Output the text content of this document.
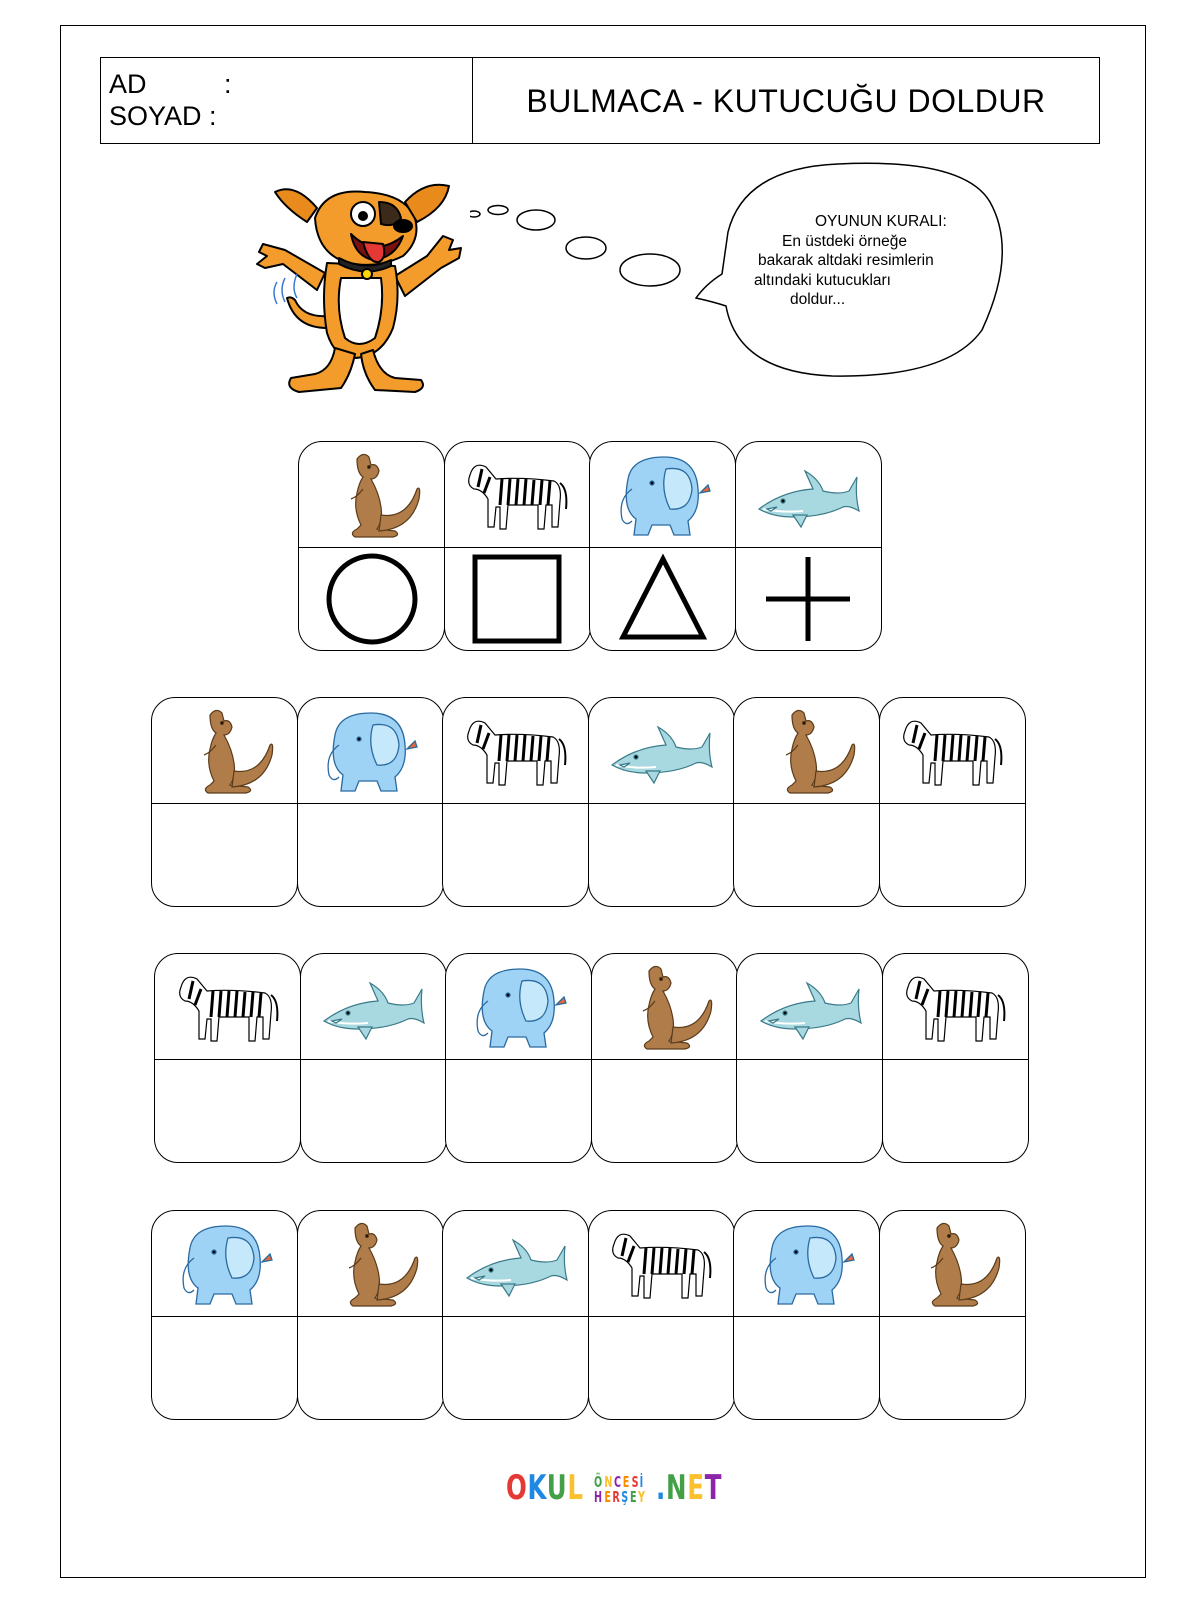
AD	:
SOYAD :	BULMACA - KUTUCUĞU DOLDUR
OYUNUN KURALI:
En üstdeki örneğe
bakarak altdaki resimlerin
altındaki kutucukları
doldur...
OKUL Ö N C E S İ
H E R Ş E Y .NET
